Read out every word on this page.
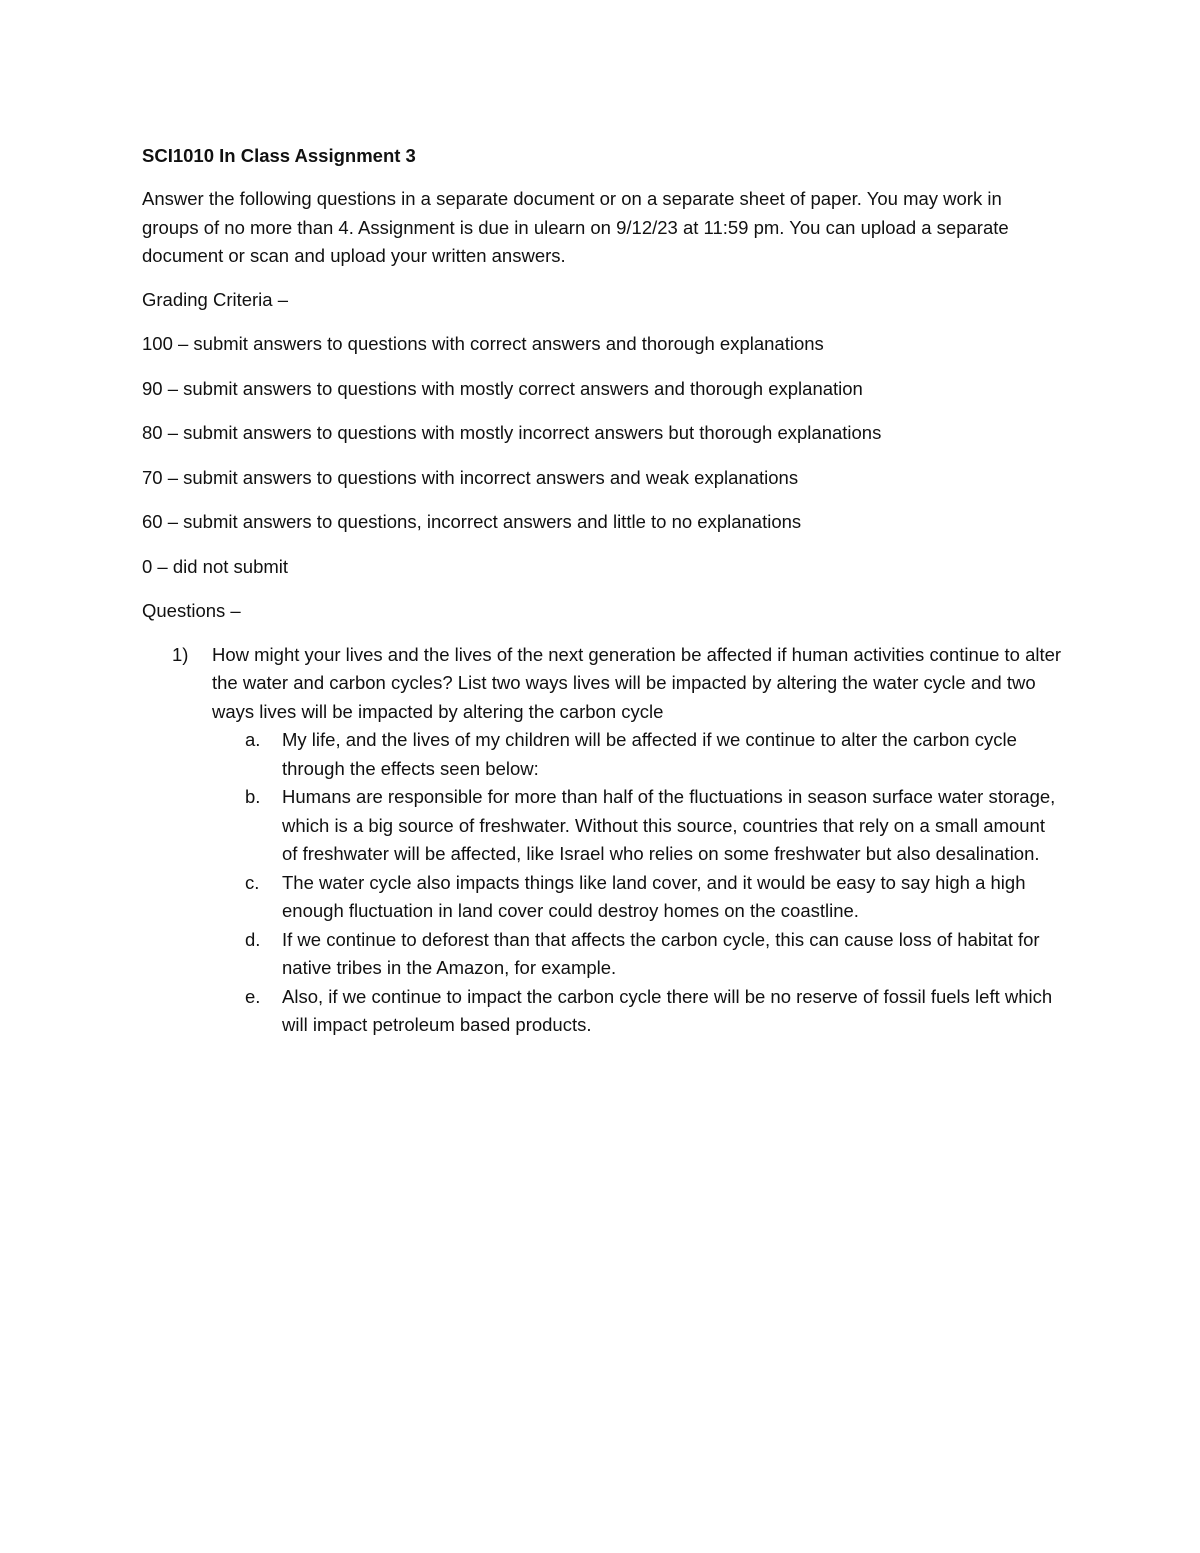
SCI1010 In Class Assignment 3

Answer the following questions in a separate document or on a separate sheet of paper. You may work in groups of no more than 4. Assignment is due in ulearn on 9/12/23 at 11:59 pm. You can upload a separate document or scan and upload your written answers.

Grading Criteria –

100 – submit answers to questions with correct answers and thorough explanations

90 – submit answers to questions with mostly correct answers and thorough explanation

80 – submit answers to questions with mostly incorrect answers but thorough explanations

70 – submit answers to questions with incorrect answers and weak explanations

60 – submit answers to questions, incorrect answers and little to no explanations

0 – did not submit

Questions –

1) How might your lives and the lives of the next generation be affected if human activities continue to alter the water and carbon cycles? List two ways lives will be impacted by altering the water cycle and two ways lives will be impacted by altering the carbon cycle

a. My life, and the lives of my children will be affected if we continue to alter the carbon cycle through the effects seen below:
b. Humans are responsible for more than half of the fluctuations in season surface water storage, which is a big source of freshwater. Without this source, countries that rely on a small amount of freshwater will be affected, like Israel who relies on some freshwater but also desalination.
c. The water cycle also impacts things like land cover, and it would be easy to say high a high enough fluctuation in land cover could destroy homes on the coastline.
d. If we continue to deforest than that affects the carbon cycle, this can cause loss of habitat for native tribes in the Amazon, for example.
e. Also, if we continue to impact the carbon cycle there will be no reserve of fossil fuels left which will impact petroleum based products.
